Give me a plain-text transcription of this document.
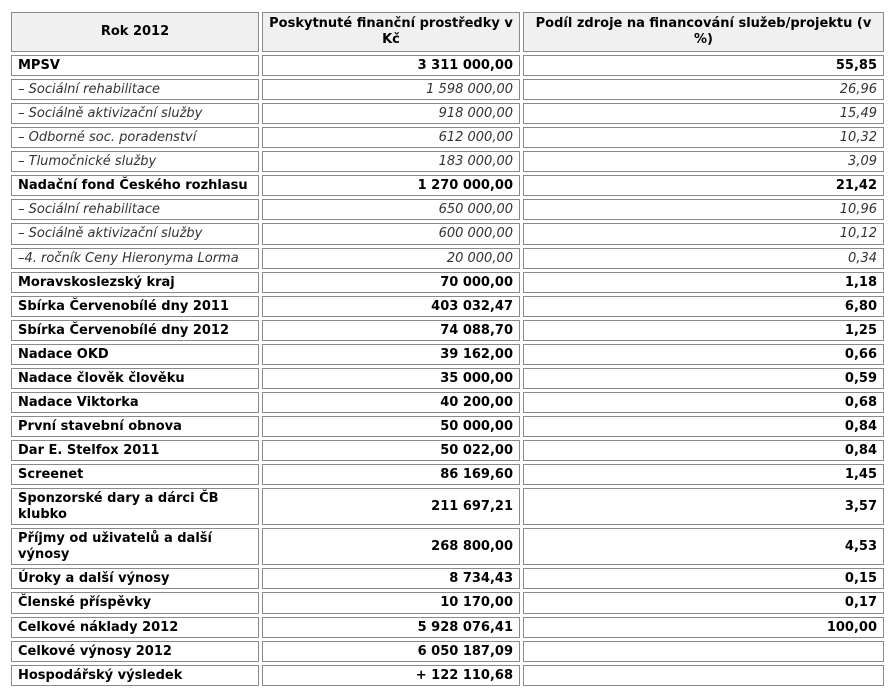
Rok 2012	Poskytnuté finanční prostředky v Kč	Podíl zdroje na financování služeb/projektu (v %)
MPSV	3 311 000,00	55,85
– Sociální rehabilitace	1 598 000,00	26,96
– Sociálně aktivizační služby	918 000,00	15,49
– Odborné soc. poradenství	612 000,00	10,32
– Tlumočnické služby	183 000,00	3,09
Nadační fond Českého rozhlasu	1 270 000,00	21,42
– Sociální rehabilitace	650 000,00	10,96
– Sociálně aktivizační služby	600 000,00	10,12
–4. ročník Ceny Hieronyma Lorma	20 000,00	0,34
Moravskoslezský kraj	70 000,00	1,18
Sbírka Červenobílé dny 2011	403 032,47	6,80
Sbírka Červenobílé dny 2012	74 088,70	1,25
Nadace OKD	39 162,00	0,66
Nadace člověk člověku	35 000,00	0,59
Nadace Viktorka	40 200,00	0,68
První stavební obnova	50 000,00	0,84
Dar E. Stelfox 2011	50 022,00	0,84
Screenet	86 169,60	1,45
Sponzorské dary a dárci ČB klubko	211 697,21	3,57
Příjmy od uživatelů a další výnosy	268 800,00	4,53
Úroky a další výnosy	8 734,43	0,15
Členské příspěvky	10 170,00	0,17
Celkové náklady 2012	5 928 076,41	100,00
Celkové výnosy 2012	6 050 187,09	
Hospodářský výsledek	+ 122 110,68	
